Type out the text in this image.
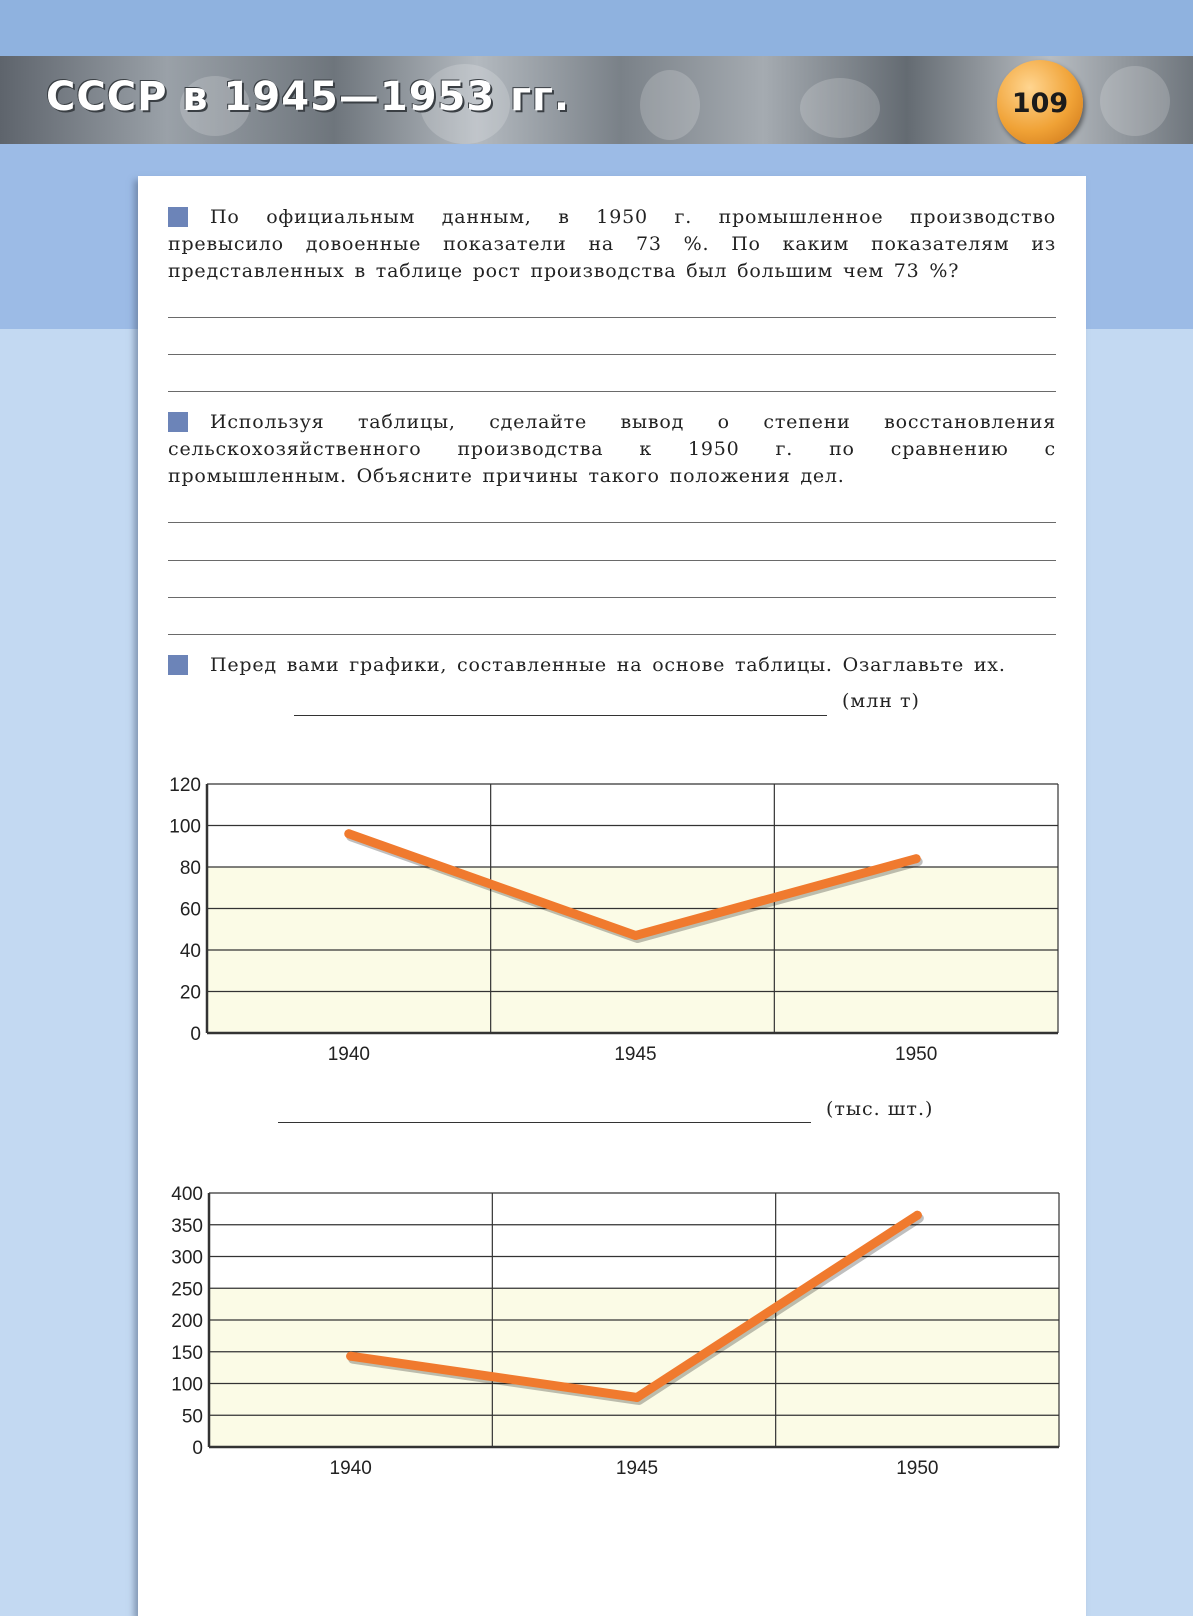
СССР в 1945—1953 гг.	109

По официальным данным, в 1950 г. промышленное производство превысило довоенные показатели на 73 %. По каким показателям из представленных в таблице рост производства был большим чем 73 %?

Используя таблицы, сделайте вывод о степени восстановления сельскохозяйственного производства к 1950 г. по сравнению с промышленным. Объясните причины такого положения дел.

Перед вами графики, составленные на основе таблицы. Озаглавьте их.

(млн т)
0
20
40
60
80
100
120
1940	1945	1950
(тыс. шт.)
0
50
100
150
200
250
300
350
400
1940	1945	1950
